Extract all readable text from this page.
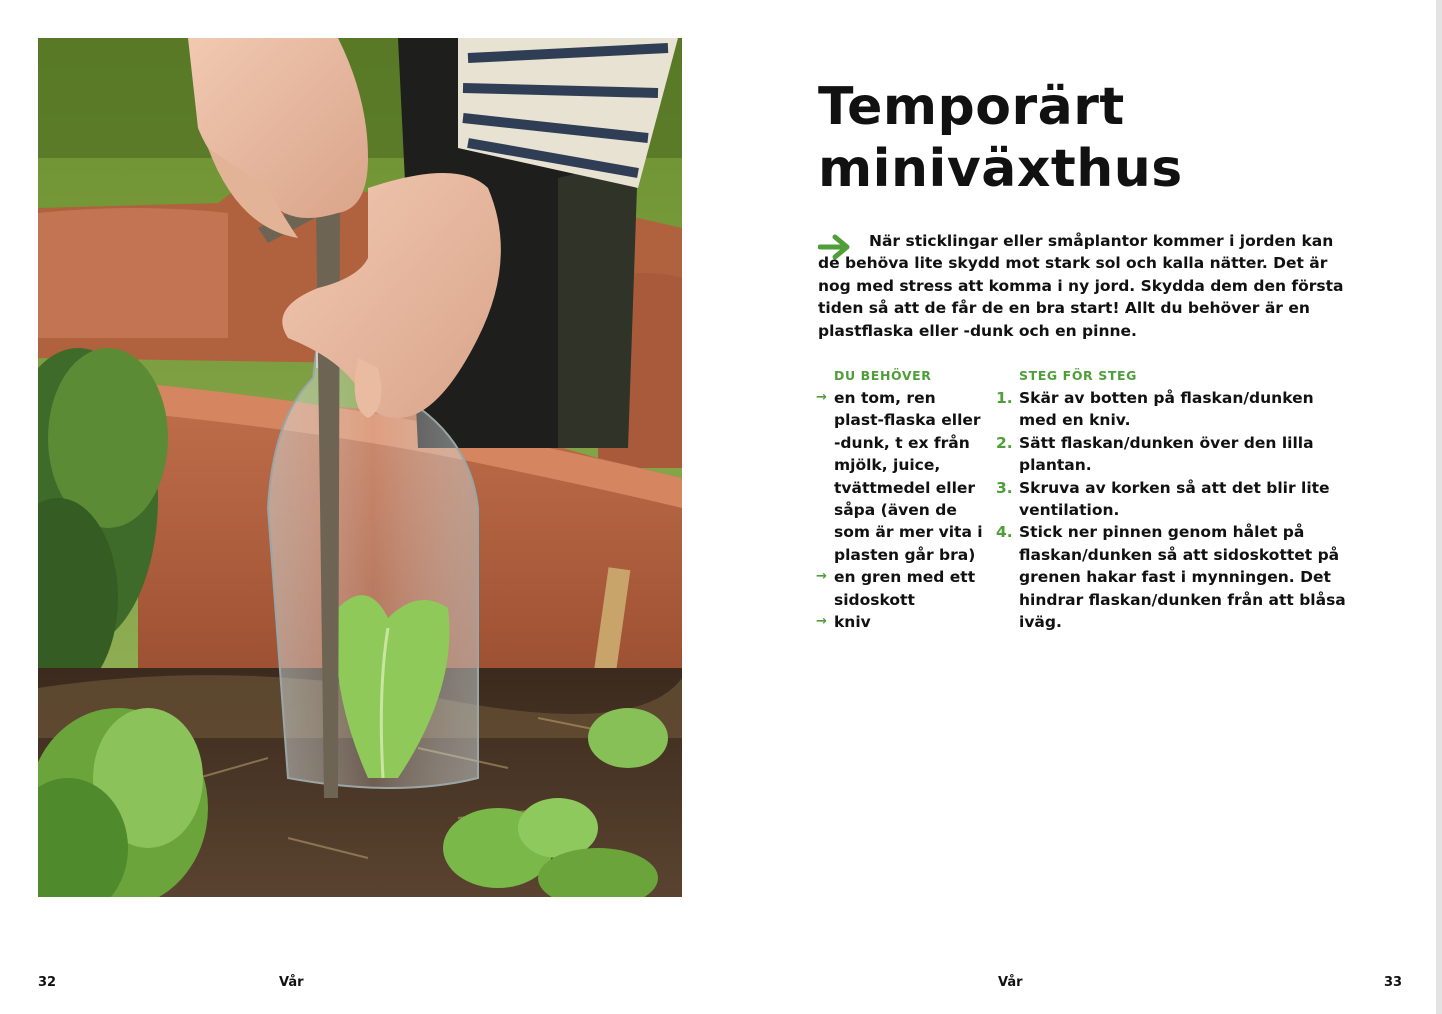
Temporärt
miniväxthus

När sticklingar eller småplantor kommer i jorden kan de behöva lite skydd mot stark sol och kalla nätter. Det är nog med stress att komma i ny jord. Skydda dem den första tiden så att de får de en bra start! Allt du behöver är en plastflaska eller -dunk och en pinne.

DU BEHÖVER
→ en tom, ren plast-flaska eller -dunk, t ex från mjölk, juice, tvättmedel eller såpa (även de som är mer vita i plasten går bra)
→ en gren med ett sidoskott
→ kniv
STEG FÖR STEG
1. Skär av botten på flaskan/dunken med en kniv.
2. Sätt flaskan/dunken över den lilla plantan.
3. Skruva av korken så att det blir lite ventilation.
4. Stick ner pinnen genom hålet på flaskan/dunken så att sidoskottet på grenen hakar fast i mynningen. Det hindrar flaskan/dunken från att blåsa iväg.
32	Vår	Vår	33
